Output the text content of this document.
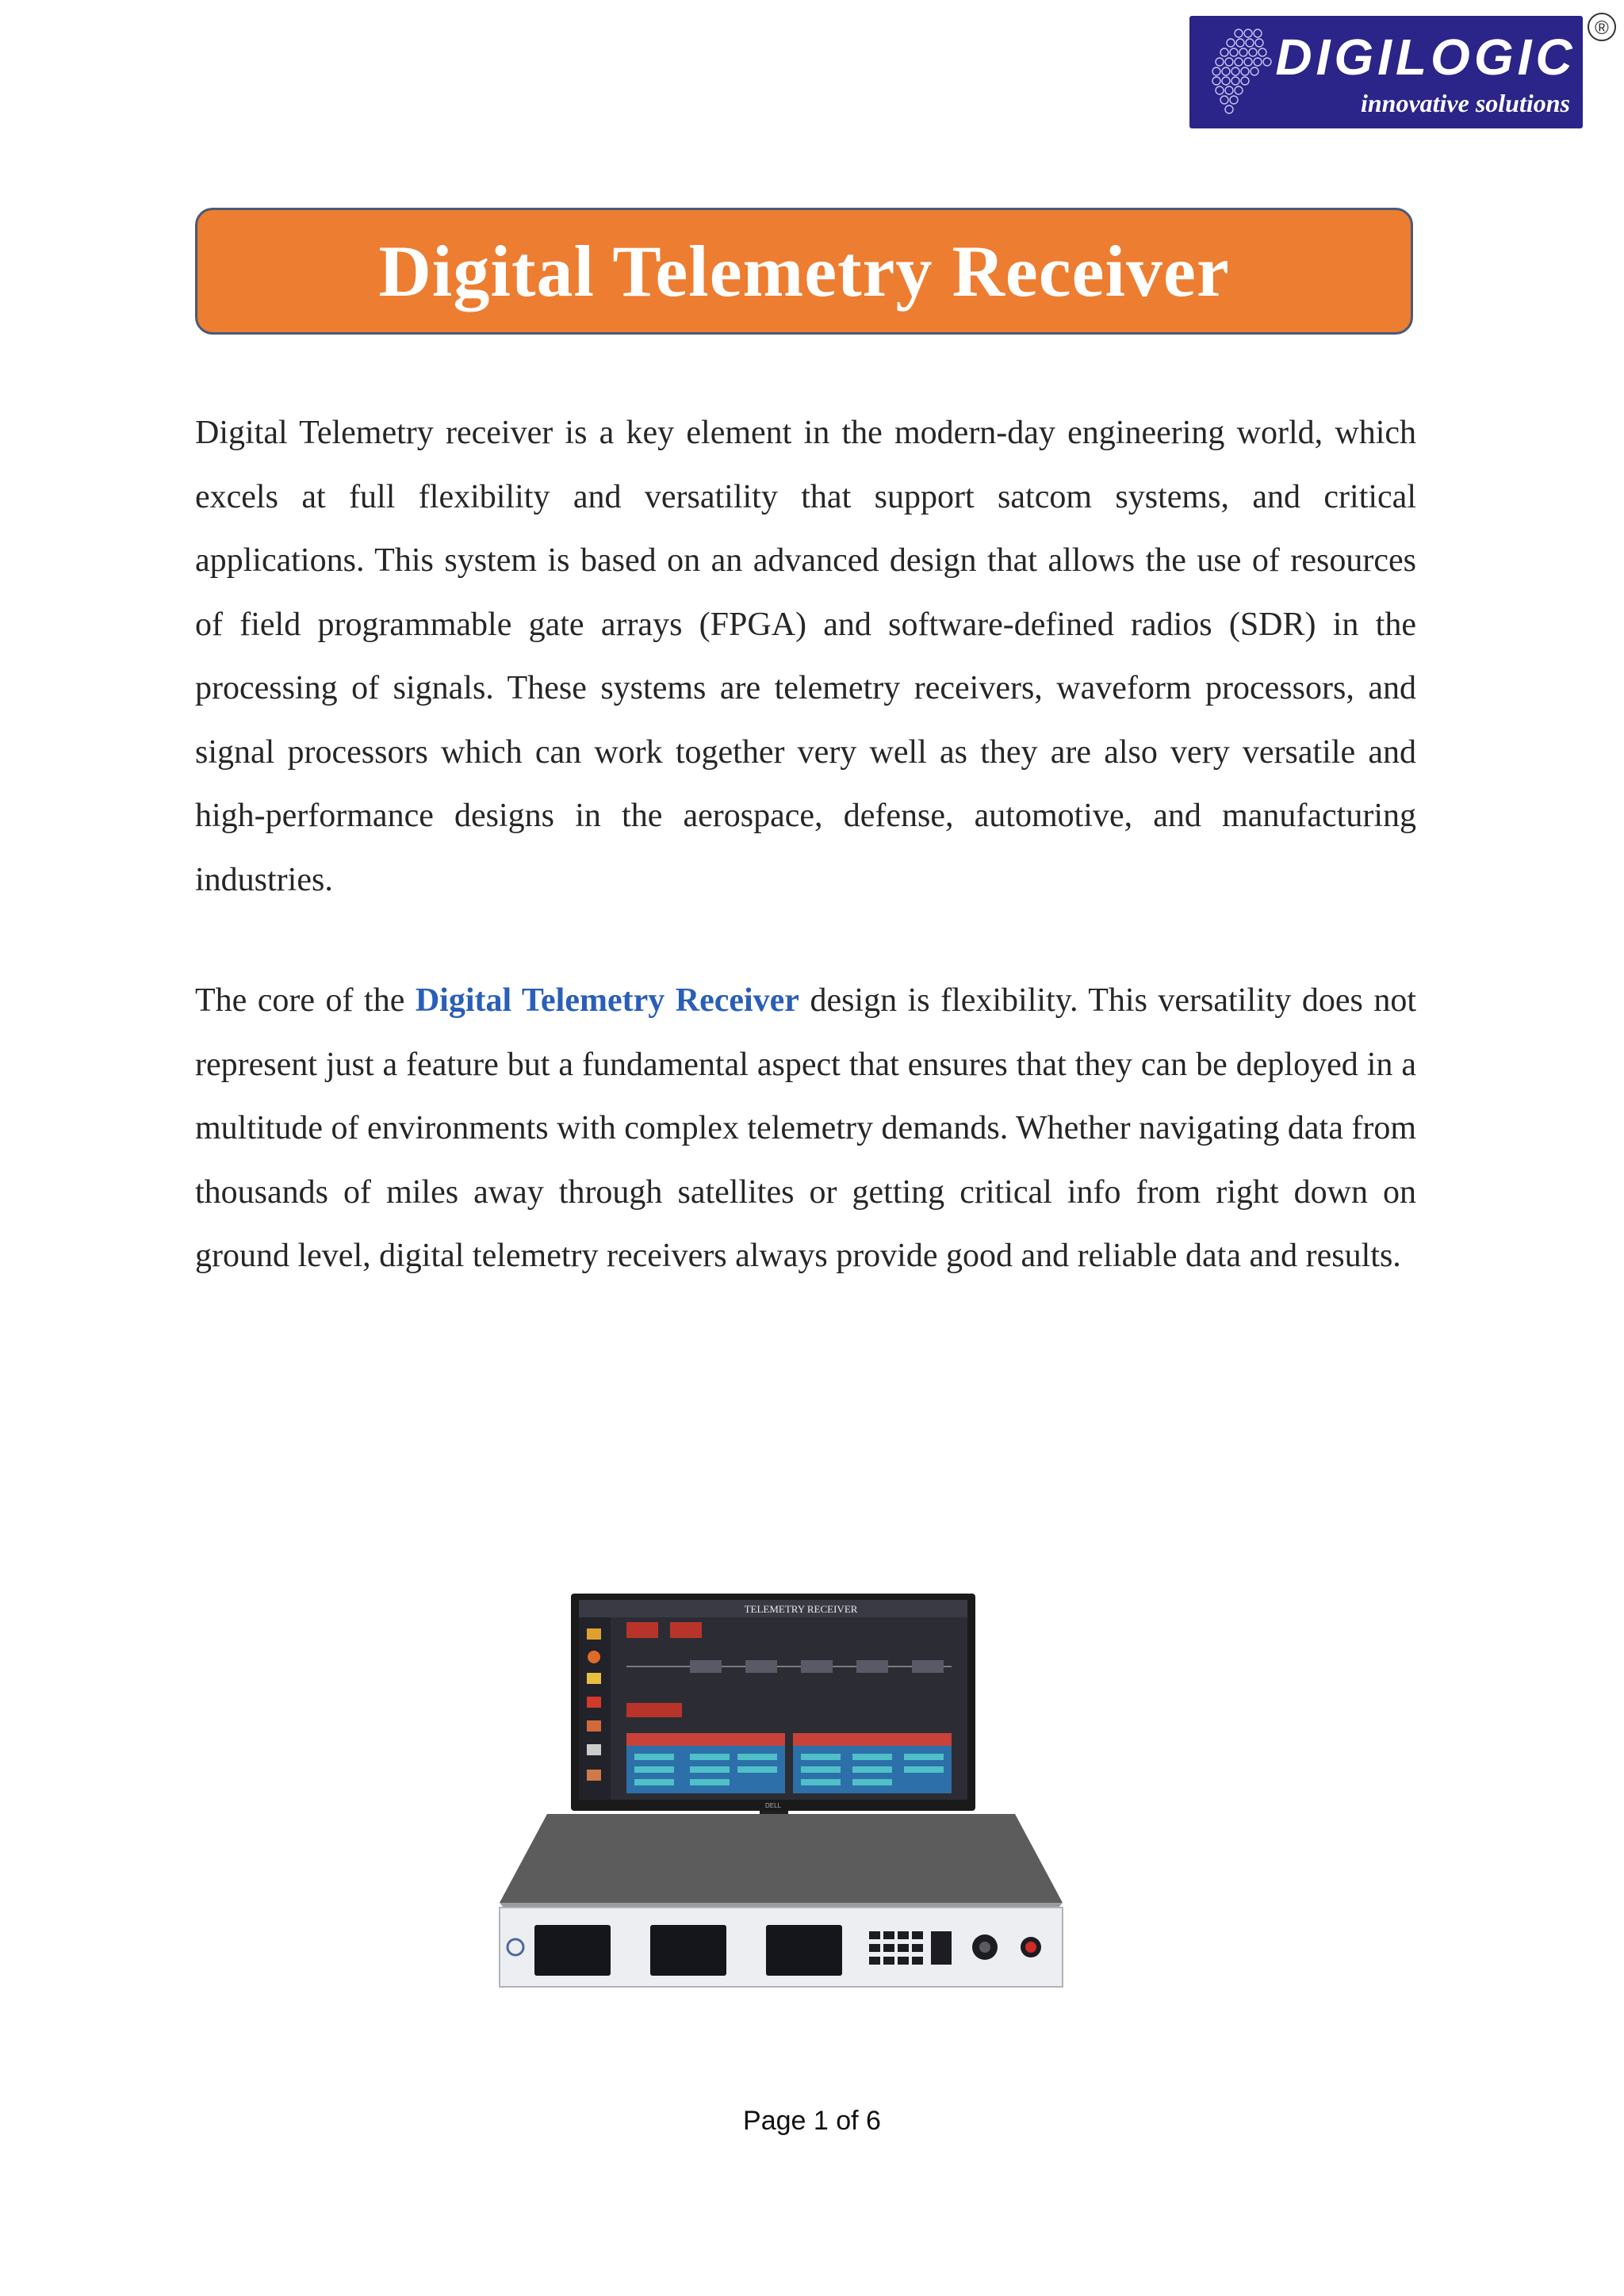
DIGILOGIC
innovative solutions
®
Digital Telemetry Receiver

Digital Telemetry receiver is a key element in the modern-day engineering world, which excels at full flexibility and versatility that support satcom systems, and critical applications. This system is based on an advanced design that allows the use of resources of field programmable gate arrays (FPGA) and software-defined radios (SDR) in the processing of signals. These systems are telemetry receivers, waveform processors, and signal processors which can work together very well as they are also very versatile and high-performance designs in the aerospace, defense, automotive, and manufacturing industries.

The core of the Digital Telemetry Receiver design is flexibility. This versatility does not represent just a feature but a fundamental aspect that ensures that they can be deployed in a multitude of environments with complex telemetry demands. Whether navigating data from thousands of miles away through satellites or getting critical info from right down on ground level, digital telemetry receivers always provide good and reliable data and results.

TELEMETRY RECEIVER
DELL
Page 1 of 6
